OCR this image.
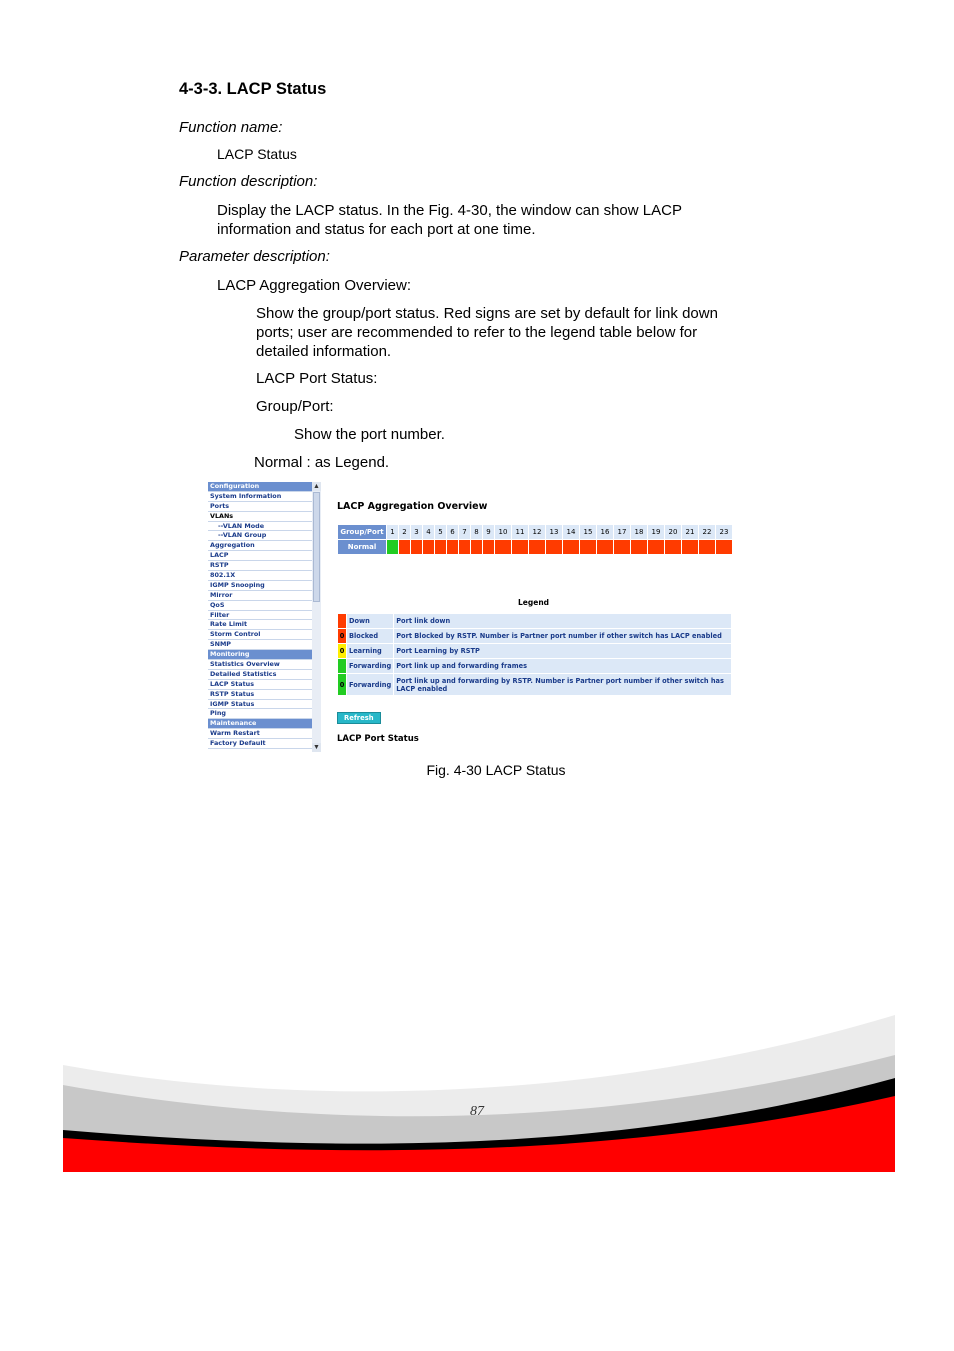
4-3-3. LACP Status
Function name:
LACP Status
Function description:
Display the LACP status. In the Fig. 4-30, the window can show LACP
information and status for each port at one time.
Parameter description:
LACP Aggregation Overview:
Show the group/port status. Red signs are set by default for link down
ports; user are recommended to refer to the legend table below for
detailed information.
LACP Port Status:
Group/Port:
Show the port number.
Normal : as Legend.
Configuration
System Information
Ports
VLANs
--VLAN Mode
--VLAN Group
Aggregation
LACP
RSTP
802.1X
IGMP Snooping
Mirror
QoS
Filter
Rate Limit
Storm Control
SNMP
Monitoring
Statistics Overview
Detailed Statistics
LACP Status
RSTP Status
IGMP Status
Ping
Maintenance
Warm Restart
Factory Default
▲
▼
LACP Aggregation Overview
Group/Port	1	2	3	4	5	6	7	8	9	10	11	12	13	14	15	16	17	18	19	20	21	22	23
Normal																							
Legend
	Down	Port link down
0	Blocked	Port Blocked by RSTP. Number is Partner port number if other switch has LACP enabled
0	Learning	Port Learning by RSTP
	Forwarding	Port link up and forwarding frames
0	Forwarding	Port link up and forwarding by RSTP. Number is Partner port number if other switch has LACP enabled
Refresh
LACP Port Status
Fig. 4-30 LACP Status
87
